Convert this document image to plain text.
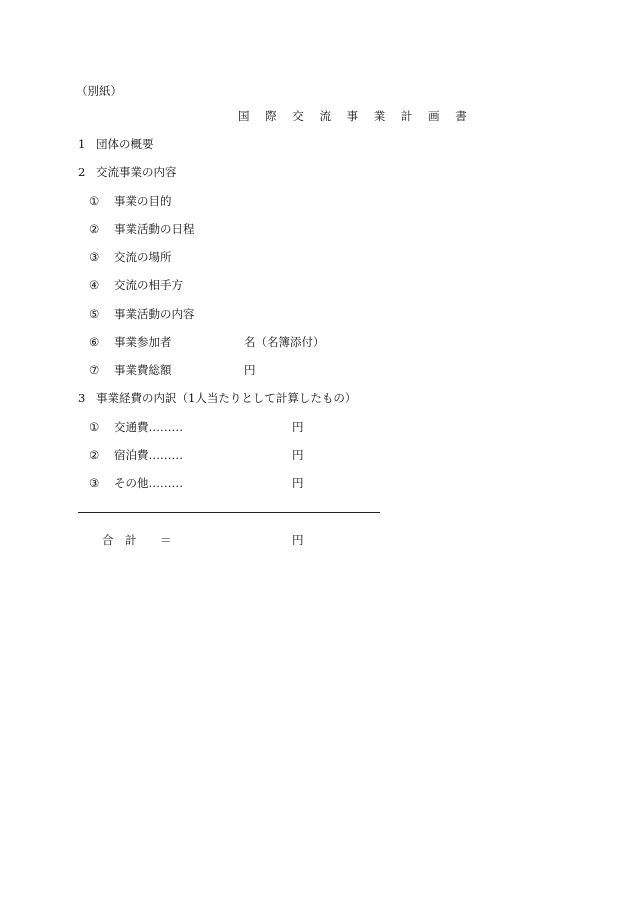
（別紙）
国 際 交 流 事 業 計 画 書
1 団体の概要
2 交流事業の内容
① 事業の目的
② 事業活動の日程
③ 交流の場所
④ 交流の相手方
⑤ 事業活動の内容
⑥ 事業参加者	名（名簿添付）
⑦ 事業費総額	円
3 事業経費の内訳（1人当たりとして計算したもの）
① 交通費………	円
② 宿泊費………	円
③ その他………	円
合　計 ＝	円
